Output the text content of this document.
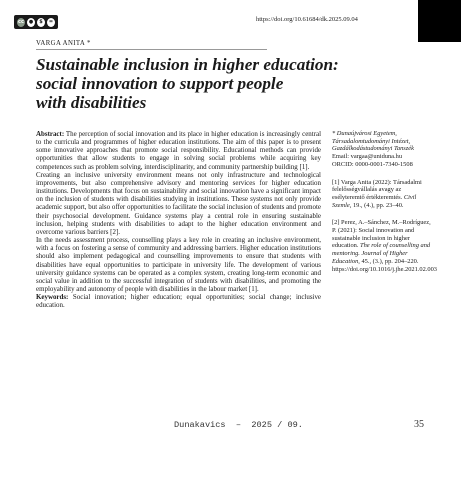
cc ●	$	=	https://doi.org/10.61684/dk.2025.09.04
VARGA ANITA *
Sustainable inclusion in higher education:
social innovation to support people
with disabilities

Abstract: The perception of social innovation and its place in higher education is increasingly central to the curricula and programmes of higher education institutions. The aim of this paper is to present some innovative approaches that promote social responsibility. Educational methods can provide opportunities that allow students to engage in solving social problems while acquiring key competences such as problem solving, interdisciplinarity, and community partnership building [1].

Creating an inclusive university environment means not only infrastructure and technological improvements, but also comprehensive advisory and mentoring services for higher education institutions. Developments that focus on sustainability and social innovation have a significant impact on the inclusion of students with disabilities studying in institutions. These systems not only provide academic support, but also offer opportunities to facilitate the social inclusion of students and promote their psychosocial development. Guidance systems play a central role in ensuring sustainable inclusion, helping students with disabilities to adapt to the higher education environment and overcome various barriers [2].

In the needs assessment process, counselling plays a key role in creating an inclusive environment, with a focus on fostering a sense of community and addressing barriers. Higher education institutions should also implement pedagogical and counselling improvements to ensure that students with disabilities have equal opportunities to participate in university life. The development of various university guidance systems can be operated as a complex system, creating long-term economic and social value in addition to the successful integration of students with disabilities, and promoting the employability and autonomy of people with disabilities in the labour market [1].

Keywords: Social innovation; higher education; equal opportunities; social change; inclusive education.

* Dunaújvárosi Egyetem, Társadalomtudományi Intézet, Gazdálkodástudományi Tanszék
Email: vargaa@uniduna.hu
ORCID: 0000-0001-7340-1508
[1] Varga Anita (2022): Társadalmi felelősségvállalás avagy az esélyteremtő értékteremtés. Civil Szemle, 19., (4.), pp. 23–40.
[2] Perez, A.–Sánchez, M.–Rodríguez, P. (2021): Social innovation and sustainable inclusion in higher education. The role of counselling and mentoring. Journal of Higher Education, 45., (3.), pp. 204–220. https://doi.org/10.1016/j.jhe.2021.02.003
Dunakavics  –  2025 / 09.	35
